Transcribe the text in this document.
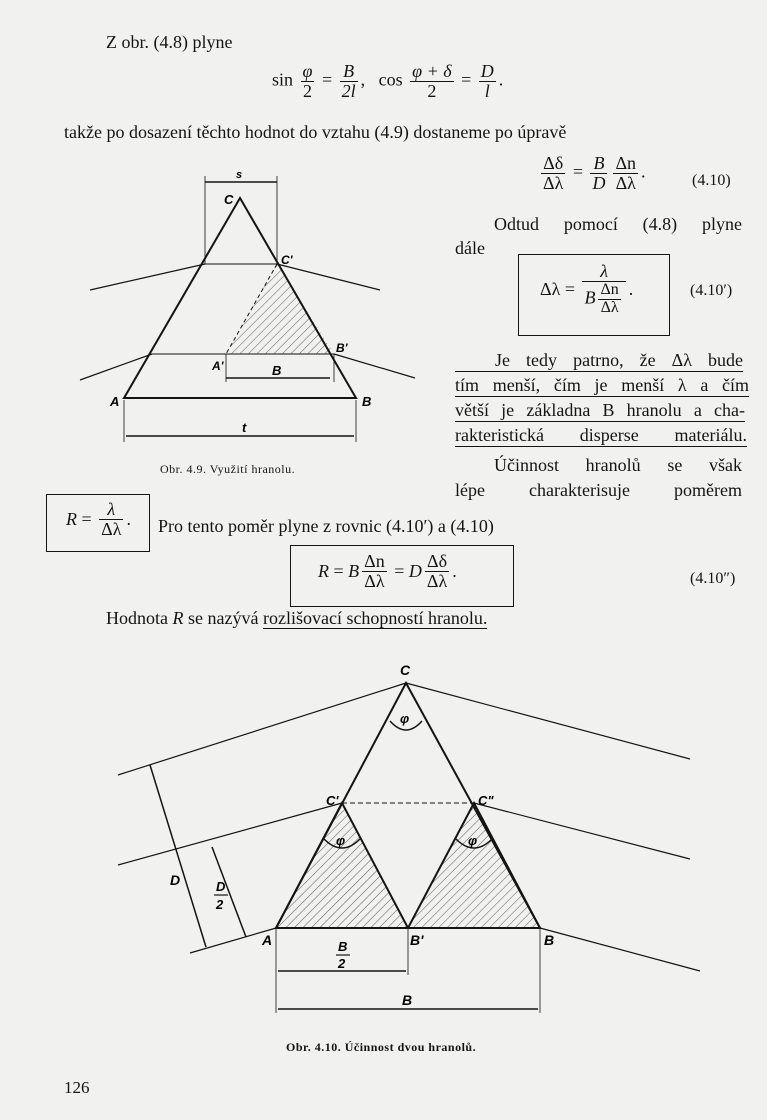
Z obr. (4.8) plyne
$\sin \frac{\varphi}{2} = \frac{B}{2l}$ , $\cos \frac{\varphi + \delta}{2} = \frac{D}{l}$ .
takže po dosazení těchto hodnot do vztahu (4.9) dostaneme po úpravě
$\frac{\Delta\delta}{\Delta\lambda} = \frac{B}{D} \frac{\Delta n}{\Delta\lambda}$ .	(4.10)
Odtud pomocí (4.8) plyne
dále
$\Delta\lambda = \frac{\lambda}{B \frac{\Delta n}{\Delta\lambda}}$ .	(4.10′)
Je tedy patrno, že Δλ bude
tím menší, čím je menší λ a čím
větší je základna B hranolu a cha-
rakteristická disperse materiálu.
Účinnost hranolů se však
lépe charakterisuje poměrem
$R = \frac{\lambda}{\Delta\lambda}$ . Pro tento poměr plyne z rovnic (4.10′) a (4.10)
R = B $\frac{\Delta n}{\Delta\lambda} = D \frac{\Delta\delta}{\Delta\lambda}$ .	(4.10″)
Hodnota R se nazývá rozlišovací schopností hranolu.
s
C
C'
A'
B'
B
A	B
t
Obr. 4.9. Využití hranolu.
C
φ
C'	C"
φ	φ
A	B'	B
D	D
2
B
2
B
Obr. 4.10. Účinnost dvou hranolů.
126
